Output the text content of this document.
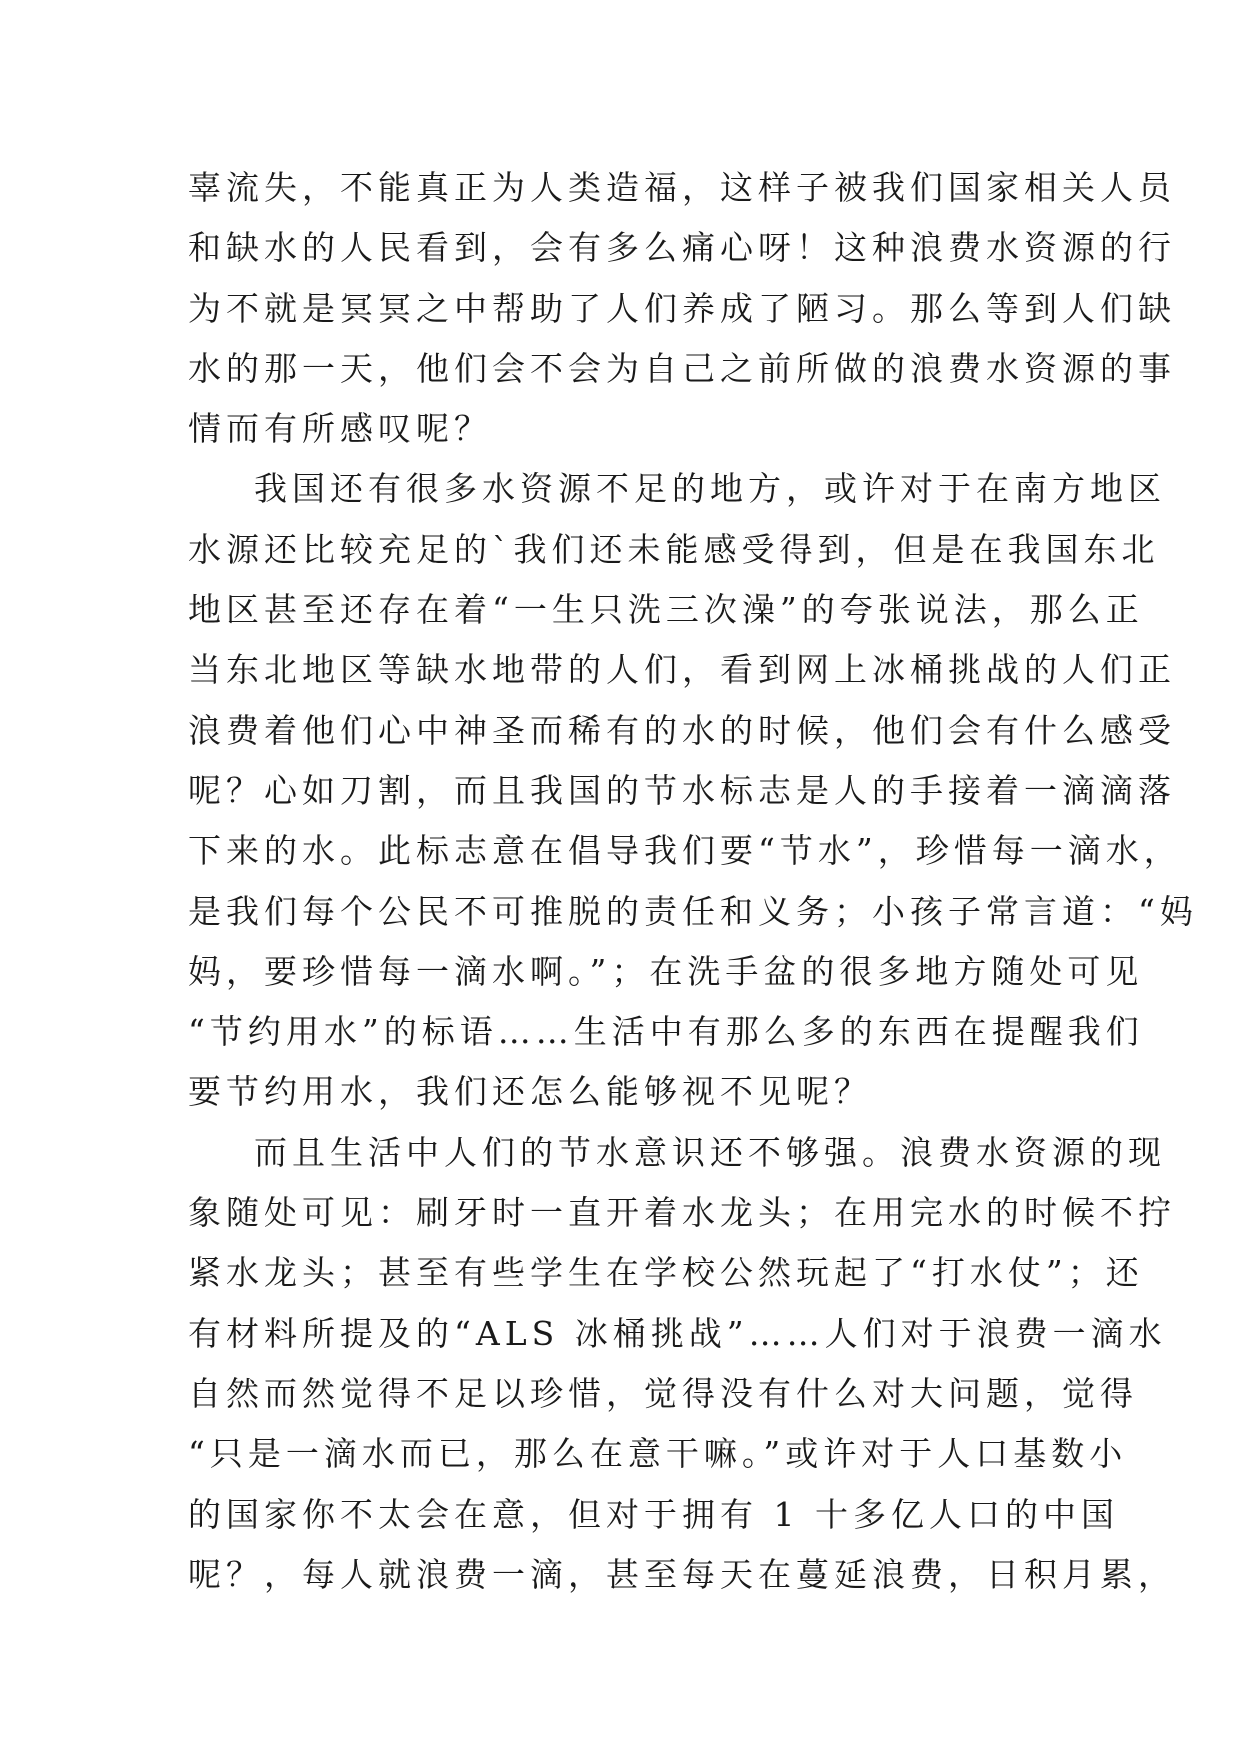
辜流失，不能真正为人类造福，这样子被我们国家相关人员
和缺水的人民看到，会有多么痛心呀！这种浪费水资源的行
为不就是冥冥之中帮助了人们养成了陋习。那么等到人们缺
水的那一天，他们会不会为自己之前所做的浪费水资源的事
情而有所感叹呢？
我国还有很多水资源不足的地方，或许对于在南方地区
水源还比较充足的`我们还未能感受得到，但是在我国东北
地区甚至还存在着“一生只洗三次澡”的夸张说法，那么正
当东北地区等缺水地带的人们，看到网上冰桶挑战的人们正
浪费着他们心中神圣而稀有的水的时候，他们会有什么感受
呢？心如刀割，而且我国的节水标志是人的手接着一滴滴落
下来的水。此标志意在倡导我们要“节水”，珍惜每一滴水，
是我们每个公民不可推脱的责任和义务；小孩子常言道：“妈
妈，要珍惜每一滴水啊。”；在洗手盆的很多地方随处可见
“节约用水”的标语……生活中有那么多的东西在提醒我们
要节约用水，我们还怎么能够视不见呢？
而且生活中人们的节水意识还不够强。浪费水资源的现
象随处可见：刷牙时一直开着水龙头；在用完水的时候不拧
紧水龙头；甚至有些学生在学校公然玩起了“打水仗”；还
有材料所提及的“ALS 冰桶挑战”……人们对于浪费一滴水
自然而然觉得不足以珍惜，觉得没有什么对大问题，觉得
“只是一滴水而已，那么在意干嘛。”或许对于人口基数小
的国家你不太会在意，但对于拥有 1 十多亿人口的中国
呢？，每人就浪费一滴，甚至每天在蔓延浪费，日积月累，
